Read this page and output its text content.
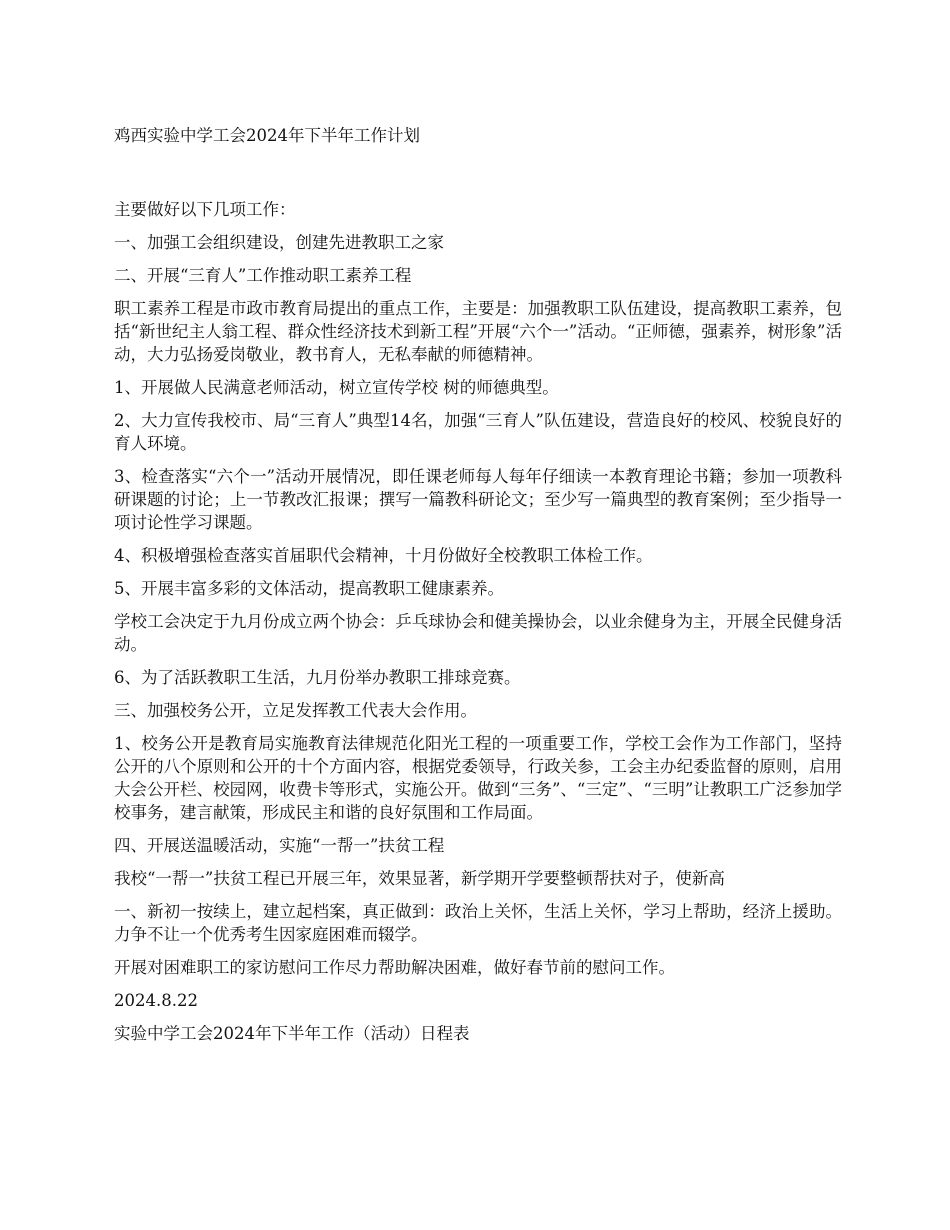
鸡西实验中学工会2024年下半年工作计划

主要做好以下几项工作：

一、加强工会组织建设，创建先进教职工之家

二、开展“三育人”工作推动职工素养工程

职工素养工程是市政市教育局提出的重点工作，主要是：加强教职工队伍建设，提高教职工素养，包括“新世纪主人翁工程、群众性经济技术到新工程”开展“六个一”活动。“正师德，强素养，树形象”活动，大力弘扬爱岗敬业，教书育人，无私奉献的师德精神。

1、开展做人民满意老师活动，树立宣传学校 树的师德典型。

2、大力宣传我校市、局“三育人”典型14名，加强“三育人”队伍建设，营造良好的校风、校貌良好的育人环境。

3、检查落实“六个一”活动开展情况，即任课老师每人每年仔细读一本教育理论书籍；参加一项教科研课题的讨论；上一节教改汇报课；撰写一篇教科研论文；至少写一篇典型的教育案例；至少指导一项讨论性学习课题。

4、积极增强检查落实首届职代会精神，十月份做好全校教职工体检工作。

5、开展丰富多彩的文体活动，提高教职工健康素养。

学校工会决定于九月份成立两个协会：乒乓球协会和健美操协会，以业余健身为主，开展全民健身活动。

6、为了活跃教职工生活，九月份举办教职工排球竞赛。

三、加强校务公开，立足发挥教工代表大会作用。

1、校务公开是教育局实施教育法律规范化阳光工程的一项重要工作，学校工会作为工作部门，坚持公开的八个原则和公开的十个方面内容，根据党委领导，行政关参，工会主办纪委监督的原则，启用大会公开栏、校园网，收费卡等形式，实施公开。做到“三务”、“三定”、“三明”让教职工广泛参加学校事务，建言献策，形成民主和谐的良好氛围和工作局面。

四、开展送温暖活动，实施“一帮一”扶贫工程

我校“一帮一”扶贫工程已开展三年，效果显著，新学期开学要整顿帮扶对子，使新高

一、新初一按续上，建立起档案，真正做到：政治上关怀，生活上关怀，学习上帮助，经济上援助。力争不让一个优秀考生因家庭困难而辍学。

开展对困难职工的家访慰问工作尽力帮助解决困难，做好春节前的慰问工作。

2024.8.22

实验中学工会2024年下半年工作（活动）日程表
